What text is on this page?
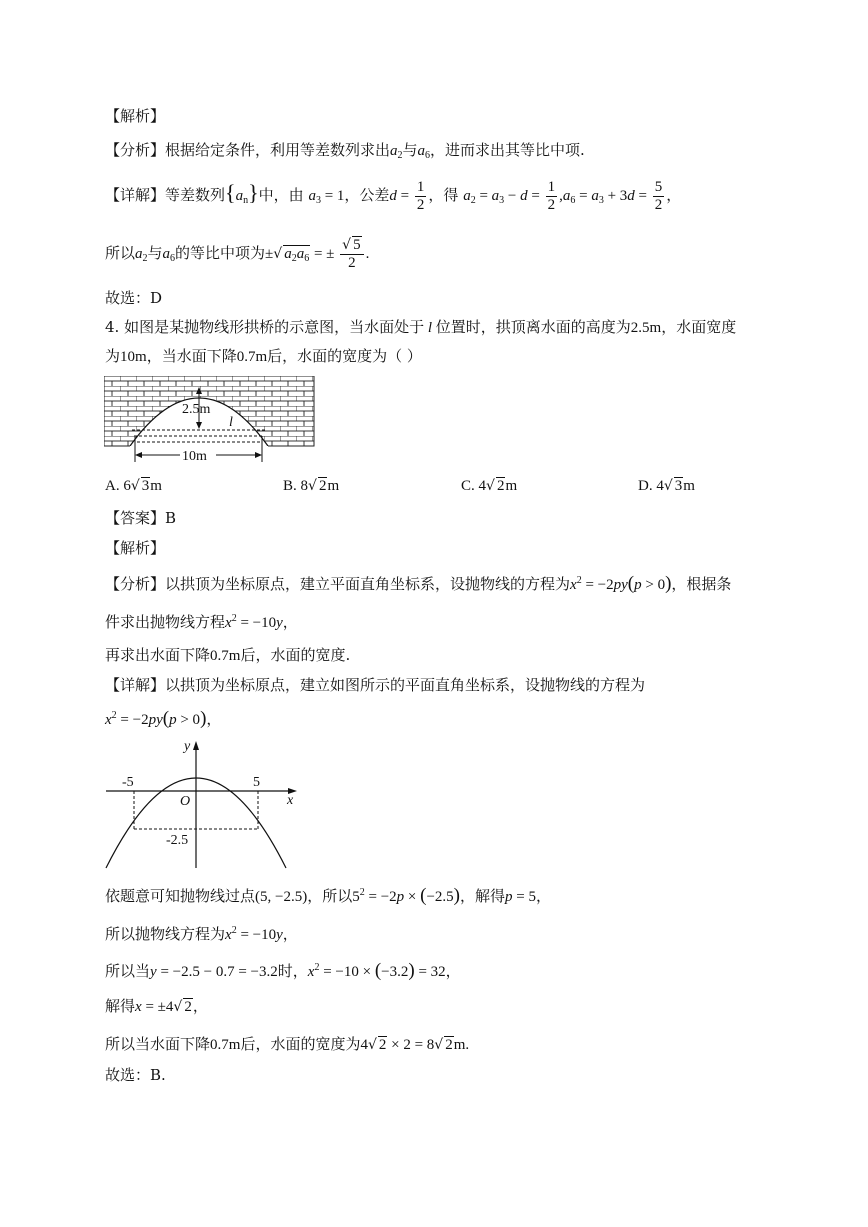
【解析】
【分析】根据给定条件，利用等差数列求出$a_2$与$a_6$，进而求出其等比中项.
【详解】等差数列$\{a_n\}$中，由 $a_3 = 1$，公差$d = \frac{1}{2}$ ，得 $a_2 = a_3 - d = \frac{1}{2} ,a_6 = a_3 + 3d = \frac{5}{2}$ ，
所以$a_2$与$a_6$的等比中项为±√ $a_2a_6$ = ± $\frac{√ 5}{2}$ .
故选：D
4. 如图是某抛物线形拱桥的示意图，当水面处于 l 位置时，拱顶离水面的高度为2.5m，水面宽度
为10m，当水面下降0.7m后，水面的宽度为（ ）
2.5m
l
10m
A. 6√ 3m	B. 8√ 2m	C. 4√ 2m	D. 4√ 3m
【答案】B
【解析】
【分析】以拱顶为坐标原点，建立平面直角坐标系，设抛物线的方程为$x^2 = -2py(p > 0)$，根据条
件求出抛物线方程$x^2 = -10y$，
再求出水面下降0.7m后，水面的宽度.
【详解】以拱顶为坐标原点，建立如图所示的平面直角坐标系，设抛物线的方程为
$x^2 = -2py(p > 0)$，
y
x
O
-5	5
-2.5
依题意可知抛物线过点(5, −2.5)，所以$5^2 = -2p \times (-2.5)$，解得p = 5，
所以抛物线方程为$x^2 = -10y$，
所以当y = −2.5 − 0.7 = −3.2时，$x^2 = -10 \times (-3.2) = 32$，
解得x = ±4√ 2，
所以当水面下降0.7m后，水面的宽度为4√ 2 × 2 = 8√ 2m.
故选：B.
